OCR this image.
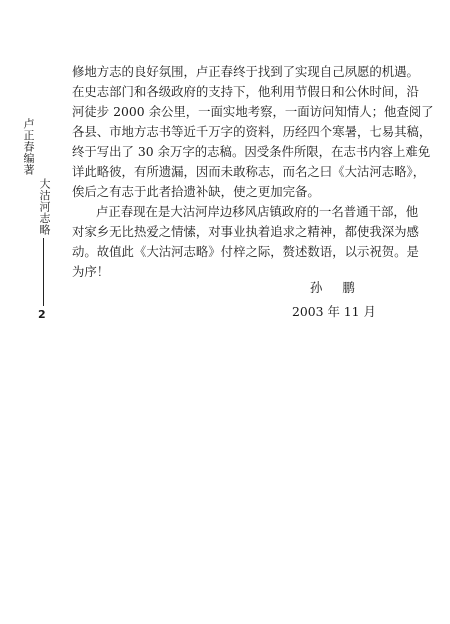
卢正春编著
大沽河志略
2
修地方志的良好氛围，卢正春终于找到了实现自己夙愿的机遇。
在史志部门和各级政府的支持下，他利用节假日和公休时间，沿
河徒步 2000 余公里，一面实地考察，一面访问知情人；他查阅了
各县、市地方志书等近千万字的资料，历经四个寒暑，七易其稿，
终于写出了 30 余万字的志稿。因受条件所限，在志书内容上难免
详此略彼，有所遗漏，因而未敢称志，而名之曰《大沽河志略》，
俟后之有志于此者拾遗补缺，使之更加完备。
卢正春现在是大沽河岸边移风店镇政府的一名普通干部，他
对家乡无比热爱之情愫，对事业执着追求之精神，都使我深为感
动。故值此《大沽河志略》付梓之际，赘述数语，以示祝贺。是
为序！
孙 鹏
2003 年 11 月
